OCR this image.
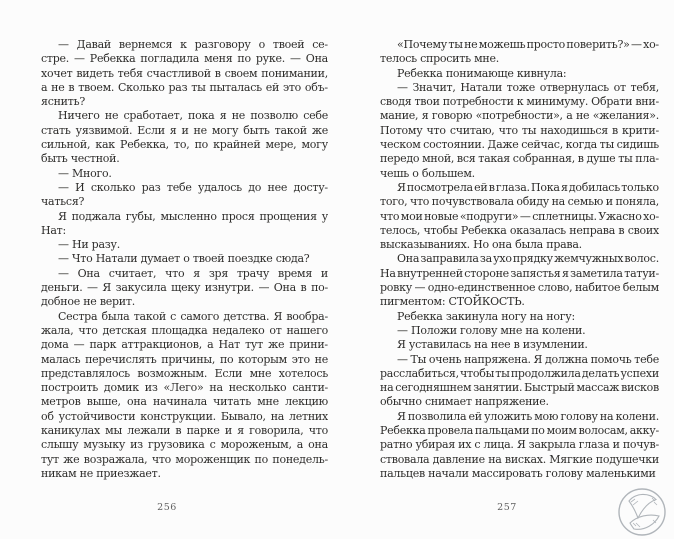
— Давай вернемся к разговору о твоей се-
стре. — Ребекка погладила меня по руке. — Она
хочет видеть тебя счастливой в своем понимании,
а не в твоем. Сколько раз ты пыталась ей это объ-
яснить?
Ничего не сработает, пока я не позволю себе
стать уязвимой. Если я и не могу быть такой же
сильной, как Ребекка, то, по крайней мере, могу
быть честной.
— Много.
— И сколько раз тебе удалось до нее досту-
чаться?
Я поджала губы, мысленно прося прощения у
Нат:
— Ни разу.
— Что Натали думает о твоей поездке сюда?
— Она считает, что я зря трачу время и
деньги. — Я закусила щеку изнутри. — Она в по-
добное не верит.
Сестра была такой с самого детства. Я вообра-
жала, что детская площадка недалеко от нашего
дома — парк аттракционов, а Нат тут же прини-
малась перечислять причины, по которым это не
представлялось возможным. Если мне хотелось
построить домик из «Лего» на несколько санти-
метров выше, она начинала читать мне лекцию
об устойчивости конструкции. Бывало, на летних
каникулах мы лежали в парке и я говорила, что
слышу музыку из грузовика с мороженым, а она
тут же возражала, что мороженщик по понедель-
никам не приезжает.
«Почему ты не можешь просто поверить?» — хо-
телось спросить мне.
Ребекка понимающе кивнула:
— Значит, Натали тоже отвернулась от тебя,
сводя твои потребности к минимуму. Обрати вни-
мание, я говорю «потребности», а не «желания».
Потому что считаю, что ты находишься в крити-
ческом состоянии. Даже сейчас, когда ты сидишь
передо мной, вся такая собранная, в душе ты пла-
чешь о большем.
Я посмотрела ей в глаза. Пока я добилась только
того, что почувствовала обиду на семью и поняла,
что мои новые «подруги» — сплетницы. Ужасно хо-
телось, чтобы Ребекка оказалась неправа в своих
высказываниях. Но она была права.
Она заправила за ухо прядку жемчужных волос.
На внутренней стороне запястья я заметила татуи-
ровку — одно-единственное слово, набитое белым
пигментом: СТОЙКОСТЬ.
Ребекка закинула ногу на ногу:
— Положи голову мне на колени.
Я уставилась на нее в изумлении.
— Ты очень напряжена. Я должна помочь тебе
расслабиться, чтобы ты продолжила делать успехи
на сегодняшнем занятии. Быстрый массаж висков
обычно снимает напряжение.
Я позволила ей уложить мою голову на колени.
Ребекка провела пальцами по моим волосам, акку-
ратно убирая их с лица. Я закрыла глаза и почув-
ствовала давление на висках. Мягкие подушечки
пальцев начали массировать голову маленькими
256	257
